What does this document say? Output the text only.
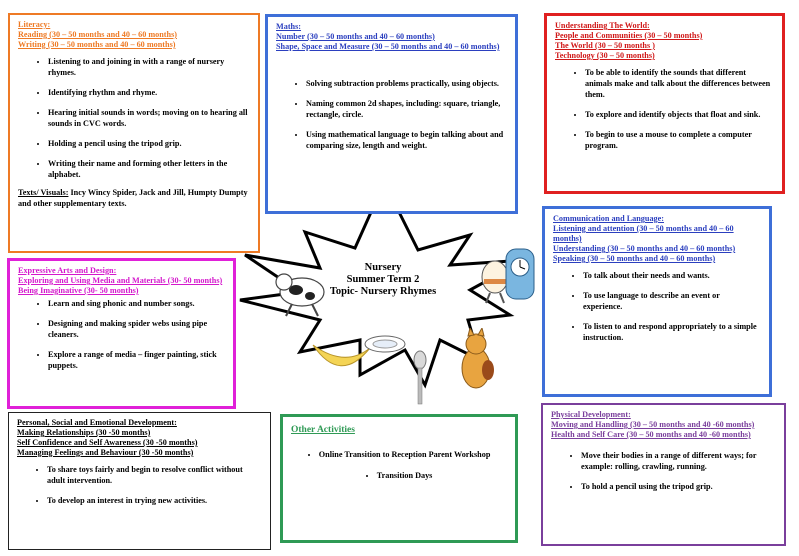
Nursery
Summer Term 2
Topic- Nursery Rhymes
Literacy:
Reading (30 – 50 months and 40 – 60 months)
Writing (30 – 50 months and 40 – 60 months)
• Listening to and joining in with a range of nursery rhymes.
• Identifying rhythm and rhyme.
• Hearing initial sounds in words; moving on to hearing all sounds in CVC words.
• Holding a pencil using the tripod grip.
• Writing their name and forming other letters in the alphabet.
Texts/ Visuals: Incy Wincy Spider, Jack and Jill, Humpty Dumpty and other supplementary texts.
Maths:
Number (30 – 50 months and 40 – 60 months)
Shape, Space and Measure (30 – 50 months and 40 – 60 months)
• Solving subtraction problems practically, using objects.
• Naming common 2d shapes, including: square, triangle, rectangle, circle.
• Using mathematical language to begin talking about and comparing size, length and weight.
Understanding The World:
People and Communities (30 – 50 months)
The World (30 – 50 months )
Technology (30 – 50 months)
• To be able to identify the sounds that different animals make and talk about the differences between them.
• To explore and identify objects that float and sink.
• To begin to use a mouse to complete a computer program.
Communication and Language:
Listening and attention (30 – 50 months and 40 – 60 months)
Understanding (30 – 50 months and 40 – 60 months)
Speaking (30 – 50 months and 40 – 60 months)
• To talk about their needs and wants.
• To use language to describe an event or experience.
• To listen to and respond appropriately to a simple instruction.
Expressive Arts and Design:
Exploring and Using Media and Materials (30- 50 months)
Being Imaginative (30- 50 months)
• Learn and sing phonic and number songs.
• Designing and making spider webs using pipe cleaners.
• Explore a range of media – finger painting, stick puppets.
Personal, Social and Emotional Development:
Making Relationships (30 -50 months)
Self Confidence and Self Awareness (30 -50 months)
Managing Feelings and Behaviour (30 -50 months)
• To share toys fairly and begin to resolve conflict without adult intervention.
• To develop an interest in trying new activities.
Other Activities
• Online Transition to Reception Parent Workshop
• Transition Days
Physical Development:
Moving and Handling (30 – 50 months and 40 -60 months)
Health and Self Care (30 – 50 months and 40 -60 months)
• Move their bodies in a range of different ways; for example: rolling, crawling, running.
• To hold a pencil using the tripod grip.
